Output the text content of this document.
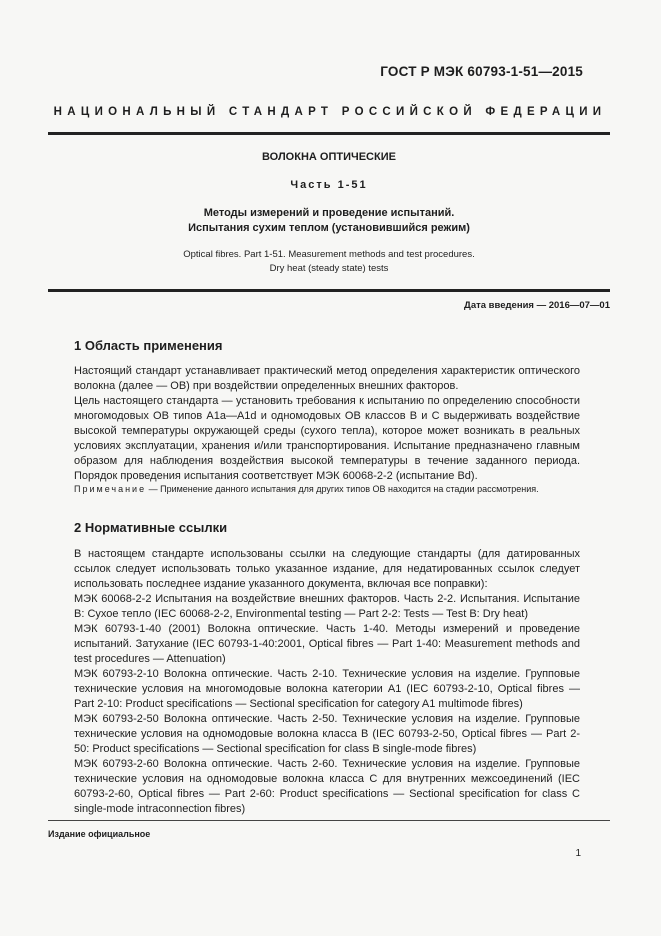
ГОСТ Р МЭК 60793-1-51—2015
НАЦИОНАЛЬНЫЙ СТАНДАРТ РОССИЙСКОЙ ФЕДЕРАЦИИ
ВОЛОКНА ОПТИЧЕСКИЕ
Часть 1-51
Методы измерений и проведение испытаний.
Испытания сухим теплом (установившийся режим)
Optical fibres. Part 1-51. Measurement methods and test procedures.
Dry heat (steady state) tests
Дата введения — 2016—07—01
1 Область применения

Настоящий стандарт устанавливает практический метод определения характеристик оптического волокна (далее — ОВ) при воздействии определенных внешних факторов.

Цель настоящего стандарта — установить требования к испытанию по определению способности многомодовых ОВ типов А1а—А1d и одномодовых ОВ классов В и С выдерживать воздействие высокой температуры окружающей среды (сухого тепла), которое может возникать в реальных условиях эксплуатации, хранения и/или транспортирования. Испытание предназначено главным образом для наблюдения воздействия высокой температуры в течение заданного периода. Порядок проведения испытания соответствует МЭК 60068-2-2 (испытание Bd).

Примечание — Применение данного испытания для других типов ОВ находится на стадии рассмотрения.
2 Нормативные ссылки

В настоящем стандарте использованы ссылки на следующие стандарты (для датированных ссылок следует использовать только указанное издание, для недатированных ссылок следует использовать последнее издание указанного документа, включая все поправки):

МЭК 60068-2-2 Испытания на воздействие внешних факторов. Часть 2-2. Испытания. Испытание В: Сухое тепло (IEC 60068-2-2, Environmental testing — Part 2-2: Tests — Test B: Dry heat)

МЭК 60793-1-40 (2001) Волокна оптические. Часть 1-40. Методы измерений и проведение испытаний. Затухание (IEC 60793-1-40:2001, Optical fibres — Part 1-40: Measurement methods and test procedures — Attenuation)

МЭК 60793-2-10 Волокна оптические. Часть 2-10. Технические условия на изделие. Групповые технические условия на многомодовые волокна категории А1 (IEC 60793-2-10, Optical fibres — Part 2-10: Product specifications — Sectional specification for category A1 multimode fibres)

МЭК 60793-2-50 Волокна оптические. Часть 2-50. Технические условия на изделие. Групповые технические условия на одномодовые волокна класса В (IEC 60793-2-50, Optical fibres — Part 2-50: Product specifications — Sectional specification for class B single-mode fibres)

МЭК 60793-2-60 Волокна оптические. Часть 2-60. Технические условия на изделие. Групповые технические условия на одномодовые волокна класса С для внутренних межсоединений (IEC 60793-2-60, Optical fibres — Part 2-60: Product specifications — Sectional specification for class C single-mode intraconnection fibres)

Издание официальное
1
